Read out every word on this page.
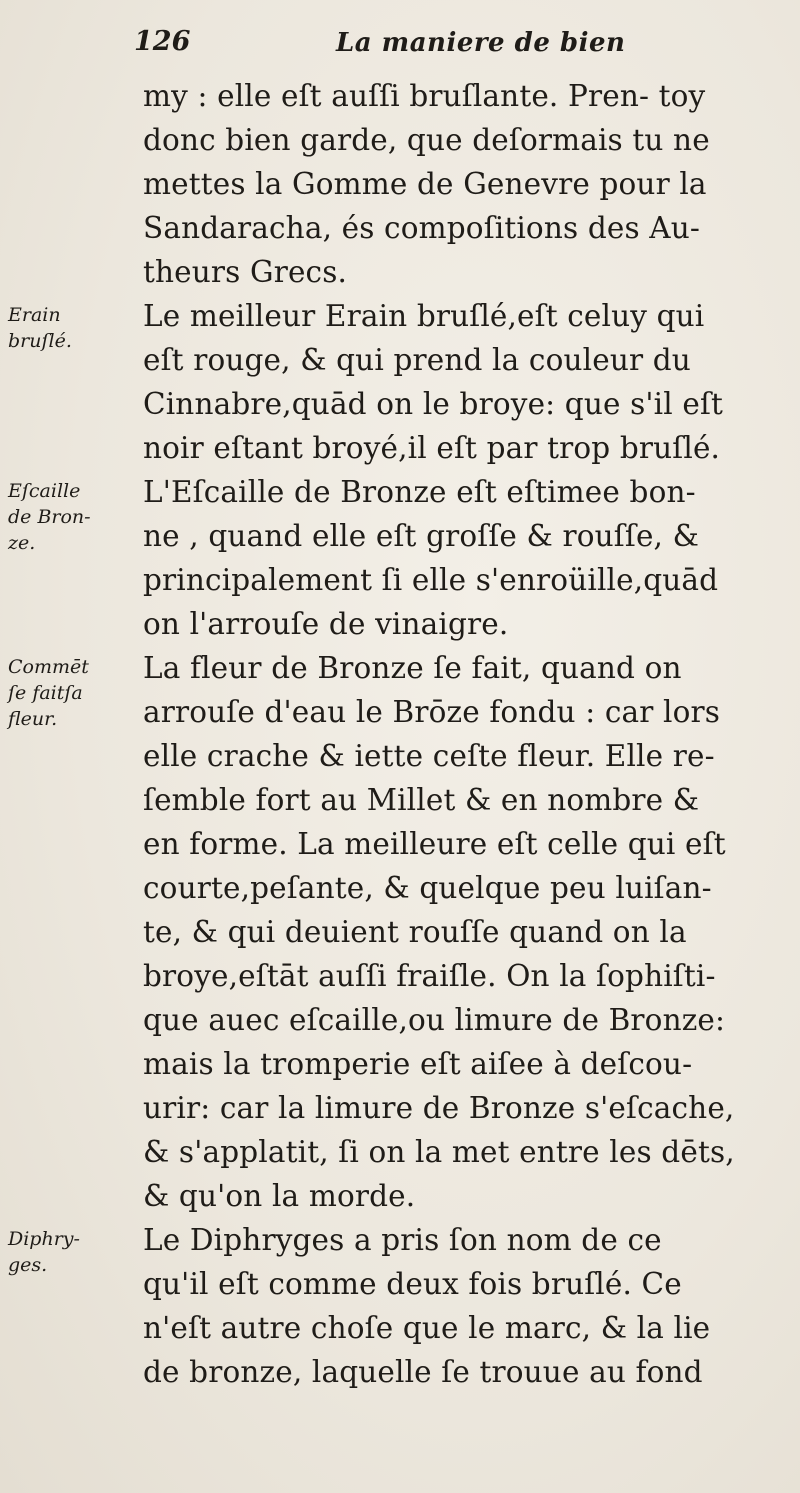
126	La maniere de bien
my : elle eſt auſſi bruſlante. Pren- toy
donc bien garde, que deſormais tu ne
mettes la Gomme de Genevre pour la
Sandaracha, és compoſitions des Au-
theurs Grecs.
Le meilleur Erain bruſlé,eſt celuy qui
eſt rouge, & qui prend la couleur du
Cinnabre,quād on le broye: que s'il eſt
noir eſtant broyé,il eſt par trop bruſlé.
L'Eſcaille de Bronze eſt eſtimee bon-
ne , quand elle eſt groſſe & rouſſe, &
principalement ſi elle s'enroüille,quād
on l'arrouſe de vinaigre.
La fleur de Bronze ſe fait, quand on
arrouſe d'eau le Brōze fondu : car lors
elle crache & iette ceſte fleur. Elle re-
ſemble fort au Millet & en nombre &
en forme. La meilleure eſt celle qui eſt
courte,peſante, & quelque peu luiſan-
te, & qui deuient rouſſe quand on la
broye,eſtāt auſſi fraiſle. On la ſophiſti-
que auec eſcaille,ou limure de Bronze:
mais la tromperie eſt aiſee à deſcou-
urir: car la limure de Bronze s'eſcache,
& s'applatit, ſi on la met entre les dēts,
& qu'on la morde.
Le Diphryges a pris ſon nom de ce
qu'il eſt comme deux fois bruſlé. Ce
n'eſt autre choſe que le marc, & la lie
de bronze, laquelle ſe trouue au fond
Erain
bruſlé.
Eſcaille
de Bron-
ze.
Commēt
ſe faitſa
fleur.
Diphry-
ges.
